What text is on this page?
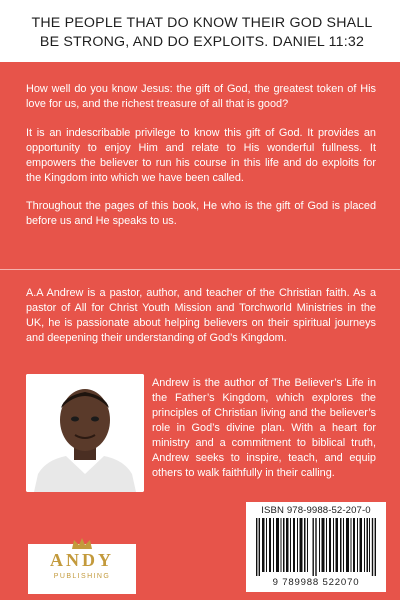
THE PEOPLE THAT DO KNOW THEIR GOD SHALL BE STRONG, AND DO EXPLOITS. DANIEL 11:32

How well do you know Jesus: the gift of God, the greatest token of His love for us, and the richest treasure of all that is good?

It is an indescribable privilege to know this gift of God. It provides an opportunity to enjoy Him and relate to His wonderful fullness. It empowers the believer to run his course in this life and do exploits for the Kingdom into which we have been called.

Throughout the pages of this book, He who is the gift of God is placed before us and He speaks to us.

A.A Andrew is a pastor, author, and teacher of the Christian faith. As a pastor of All for Christ Youth Mission and Torchworld Ministries in the UK, he is passionate about helping believers on their spiritual journeys and deepening their understanding of God’s Kingdom.

Andrew is the author of The Believer’s Life in the Father’s Kingdom, which explores the principles of Christian living and the believer’s role in God’s divine plan. With a heart for ministry and a commitment to biblical truth, Andrew seeks to inspire, teach, and equip others to walk faithfully in their calling.

ANDY
PUBLISHING
ISBN 978-9988-52-207-0
9 789988 522070
